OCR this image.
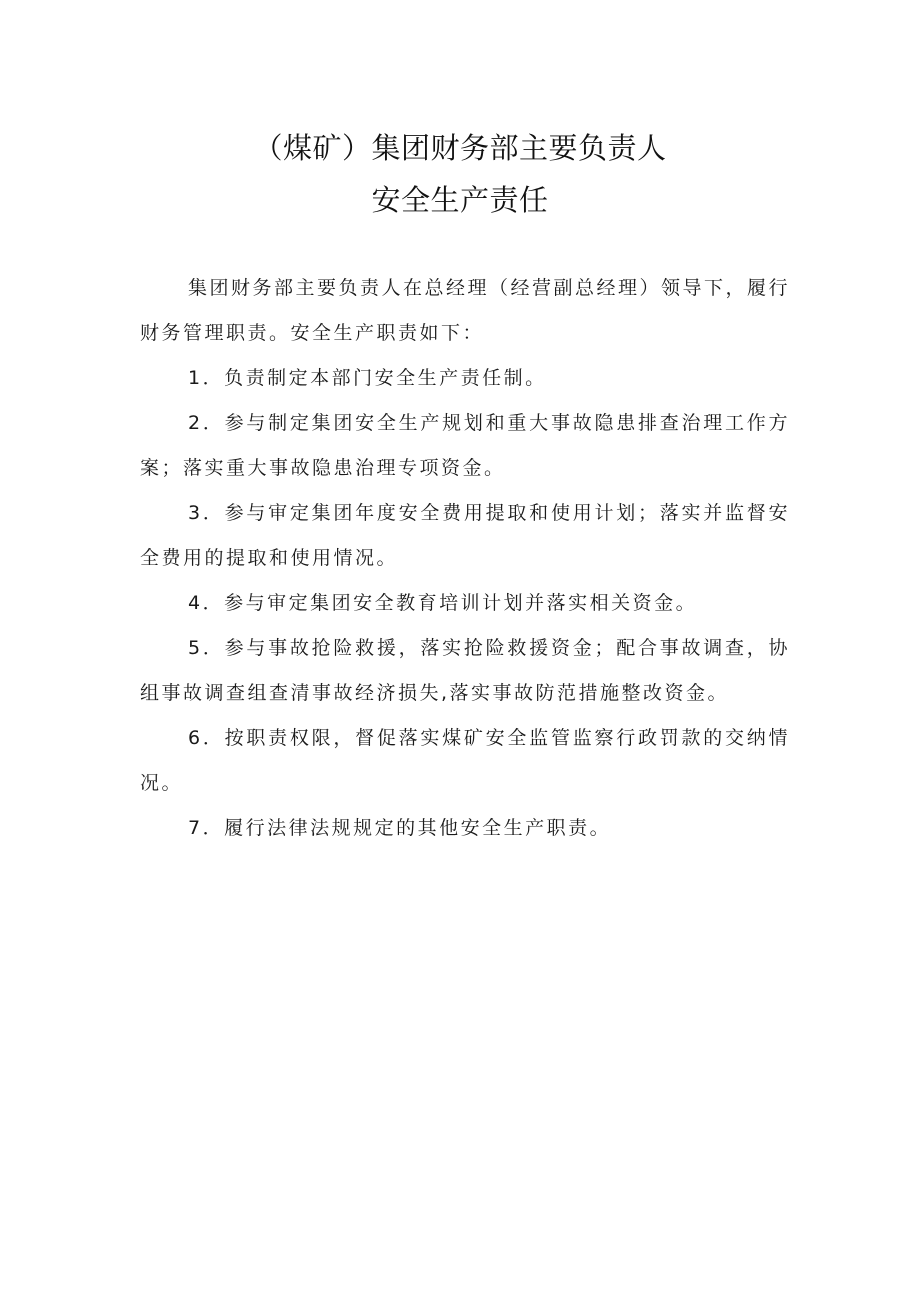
（煤矿）集团财务部主要负责人
安全生产责任

集团财务部主要负责人在总经理（经营副总经理）领导下，履行财务管理职责。安全生产职责如下：

1．负责制定本部门安全生产责任制。

2．参与制定集团安全生产规划和重大事故隐患排查治理工作方案；落实重大事故隐患治理专项资金。

3．参与审定集团年度安全费用提取和使用计划；落实并监督安全费用的提取和使用情况。

4．参与审定集团安全教育培训计划并落实相关资金。

5．参与事故抢险救援，落实抢险救援资金；配合事故调查，协组事故调查组查清事故经济损失,落实事故防范措施整改资金。

6．按职责权限，督促落实煤矿安全监管监察行政罚款的交纳情况。

7．履行法律法规规定的其他安全生产职责。
